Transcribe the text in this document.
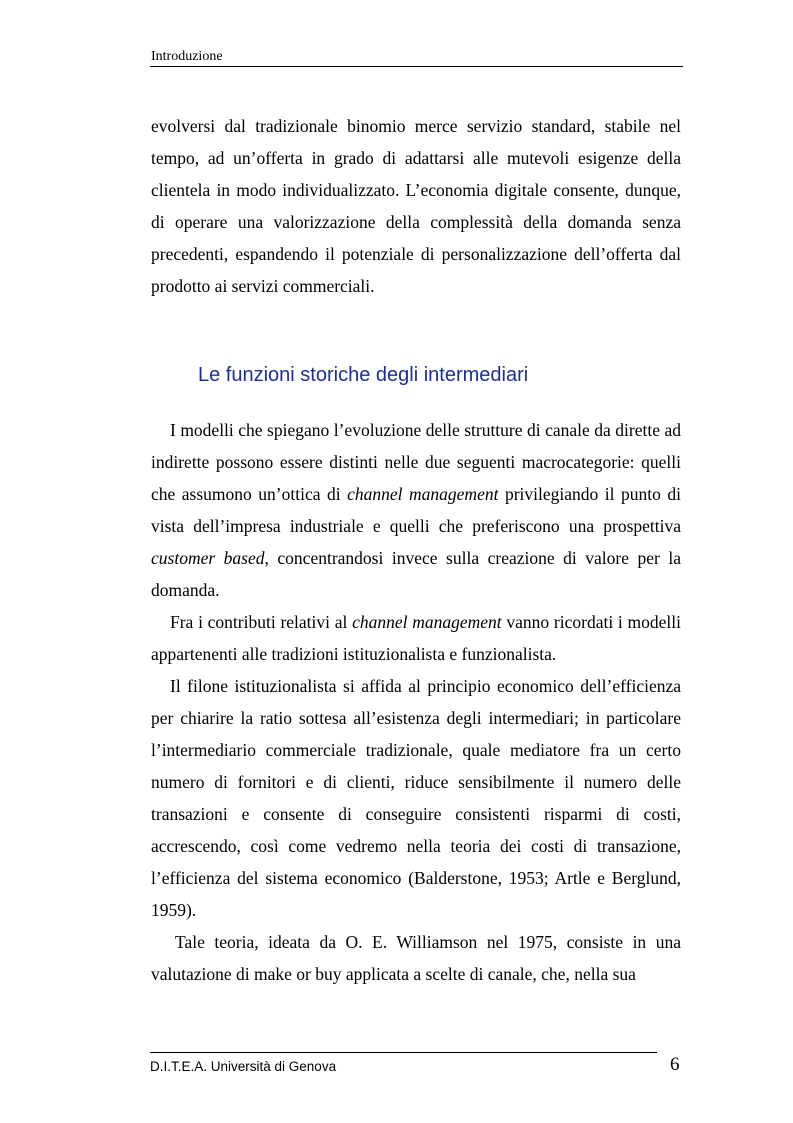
Introduzione

evolversi dal tradizionale binomio merce servizio standard, stabile nel tempo, ad un’offerta in grado di adattarsi alle mutevoli esigenze della clientela in modo individualizzato. L’economia digitale consente, dunque, di operare una valorizzazione della complessità della domanda senza precedenti, espandendo il potenziale di personalizzazione dell’offerta dal prodotto ai servizi commerciali.

Le funzioni storiche degli intermediari

I modelli che spiegano l’evoluzione delle strutture di canale da dirette ad indirette possono essere distinti nelle due seguenti macrocategorie: quelli che assumono un’ottica di channel management privilegiando il punto di vista dell’impresa industriale e quelli che preferiscono una prospettiva customer based, concentrandosi invece sulla creazione di valore per la domanda.

Fra i contributi relativi al channel management vanno ricordati i modelli appartenenti alle tradizioni istituzionalista e funzionalista.

Il filone istituzionalista si affida al principio economico dell’efficienza per chiarire la ratio sottesa all’esistenza degli intermediari; in particolare l’intermediario commerciale tradizionale, quale mediatore fra un certo numero di fornitori e di clienti, riduce sensibilmente il numero delle transazioni e consente di conseguire consistenti risparmi di costi, accrescendo, così come vedremo nella teoria dei costi di transazione, l’efficienza del sistema economico (Balderstone, 1953; Artle e Berglund, 1959).

Tale teoria, ideata da O. E. Williamson nel 1975, consiste in una valutazione di make or buy applicata a scelte di canale, che, nella sua

D.I.T.E.A. Università di Genova	6
